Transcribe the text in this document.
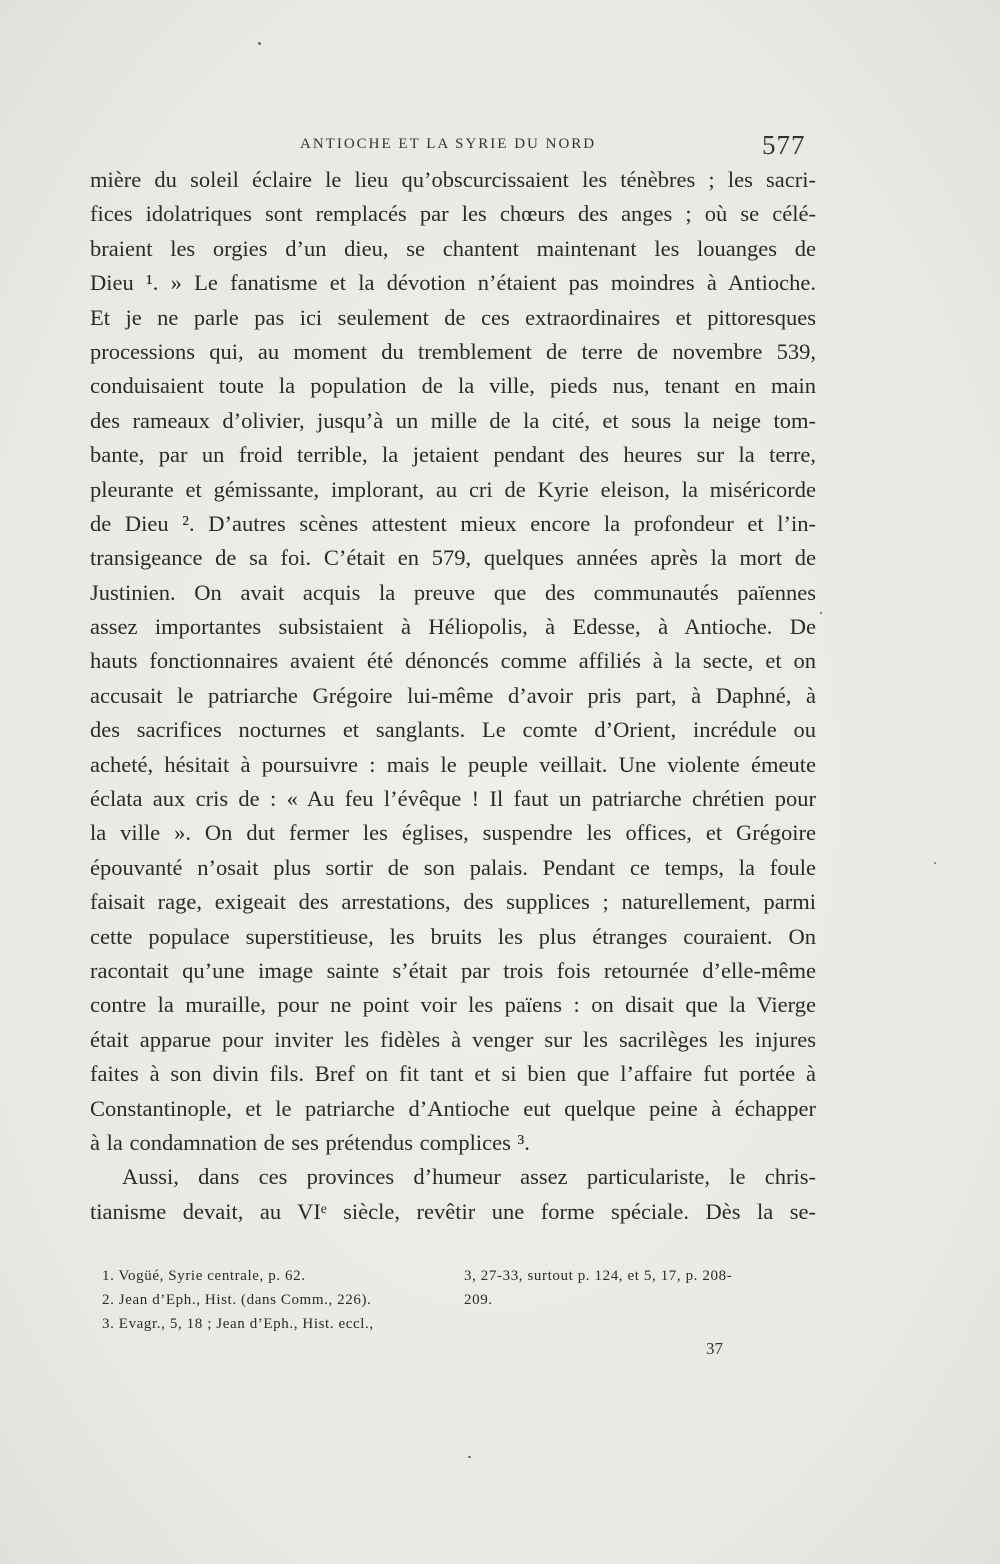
ANTIOCHE ET LA SYRIE DU NORD	577
mière du soleil éclaire le lieu qu’obscurcissaient les ténèbres ; les sacri-
fices idolatriques sont remplacés par les chœurs des anges ; où se célé-
braient les orgies d’un dieu, se chantent maintenant les louanges de
Dieu ¹. » Le fanatisme et la dévotion n’étaient pas moindres à Antioche.
Et je ne parle pas ici seulement de ces extraordinaires et pittoresques
processions qui, au moment du tremblement de terre de novembre 539,
conduisaient toute la population de la ville, pieds nus, tenant en main
des rameaux d’olivier, jusqu’à un mille de la cité, et sous la neige tom-
bante, par un froid terrible, la jetaient pendant des heures sur la terre,
pleurante et gémissante, implorant, au cri de Kyrie eleison, la miséricorde
de Dieu ². D’autres scènes attestent mieux encore la profondeur et l’in-
transigeance de sa foi. C’était en 579, quelques années après la mort de
Justinien. On avait acquis la preuve que des communautés païennes
assez importantes subsistaient à Héliopolis, à Edesse, à Antioche. De
hauts fonctionnaires avaient été dénoncés comme affiliés à la secte, et on
accusait le patriarche Grégoire lui-même d’avoir pris part, à Daphné, à
des sacrifices nocturnes et sanglants. Le comte d’Orient, incrédule ou
acheté, hésitait à poursuivre : mais le peuple veillait. Une violente émeute
éclata aux cris de : « Au feu l’évêque ! Il faut un patriarche chrétien pour
la ville ». On dut fermer les églises, suspendre les offices, et Grégoire
épouvanté n’osait plus sortir de son palais. Pendant ce temps, la foule
faisait rage, exigeait des arrestations, des supplices ; naturellement, parmi
cette populace superstitieuse, les bruits les plus étranges couraient. On
racontait qu’une image sainte s’était par trois fois retournée d’elle-même
contre la muraille, pour ne point voir les païens : on disait que la Vierge
était apparue pour inviter les fidèles à venger sur les sacrilèges les injures
faites à son divin fils. Bref on fit tant et si bien que l’affaire fut portée à
Constantinople, et le patriarche d’Antioche eut quelque peine à échapper
à la condamnation de ses prétendus complices ³.
Aussi, dans ces provinces d’humeur assez particulariste, le chris-
tianisme devait, au VIᵉ siècle, revêtir une forme spéciale. Dès la se-
1. Vogüé, Syrie centrale, p. 62.
2. Jean d’Eph., Hist. (dans Comm., 226).
3. Evagr., 5, 18 ; Jean d’Eph., Hist. eccl.,
3, 27-33, surtout p. 124, et 5, 17, p. 208-
209.
37
